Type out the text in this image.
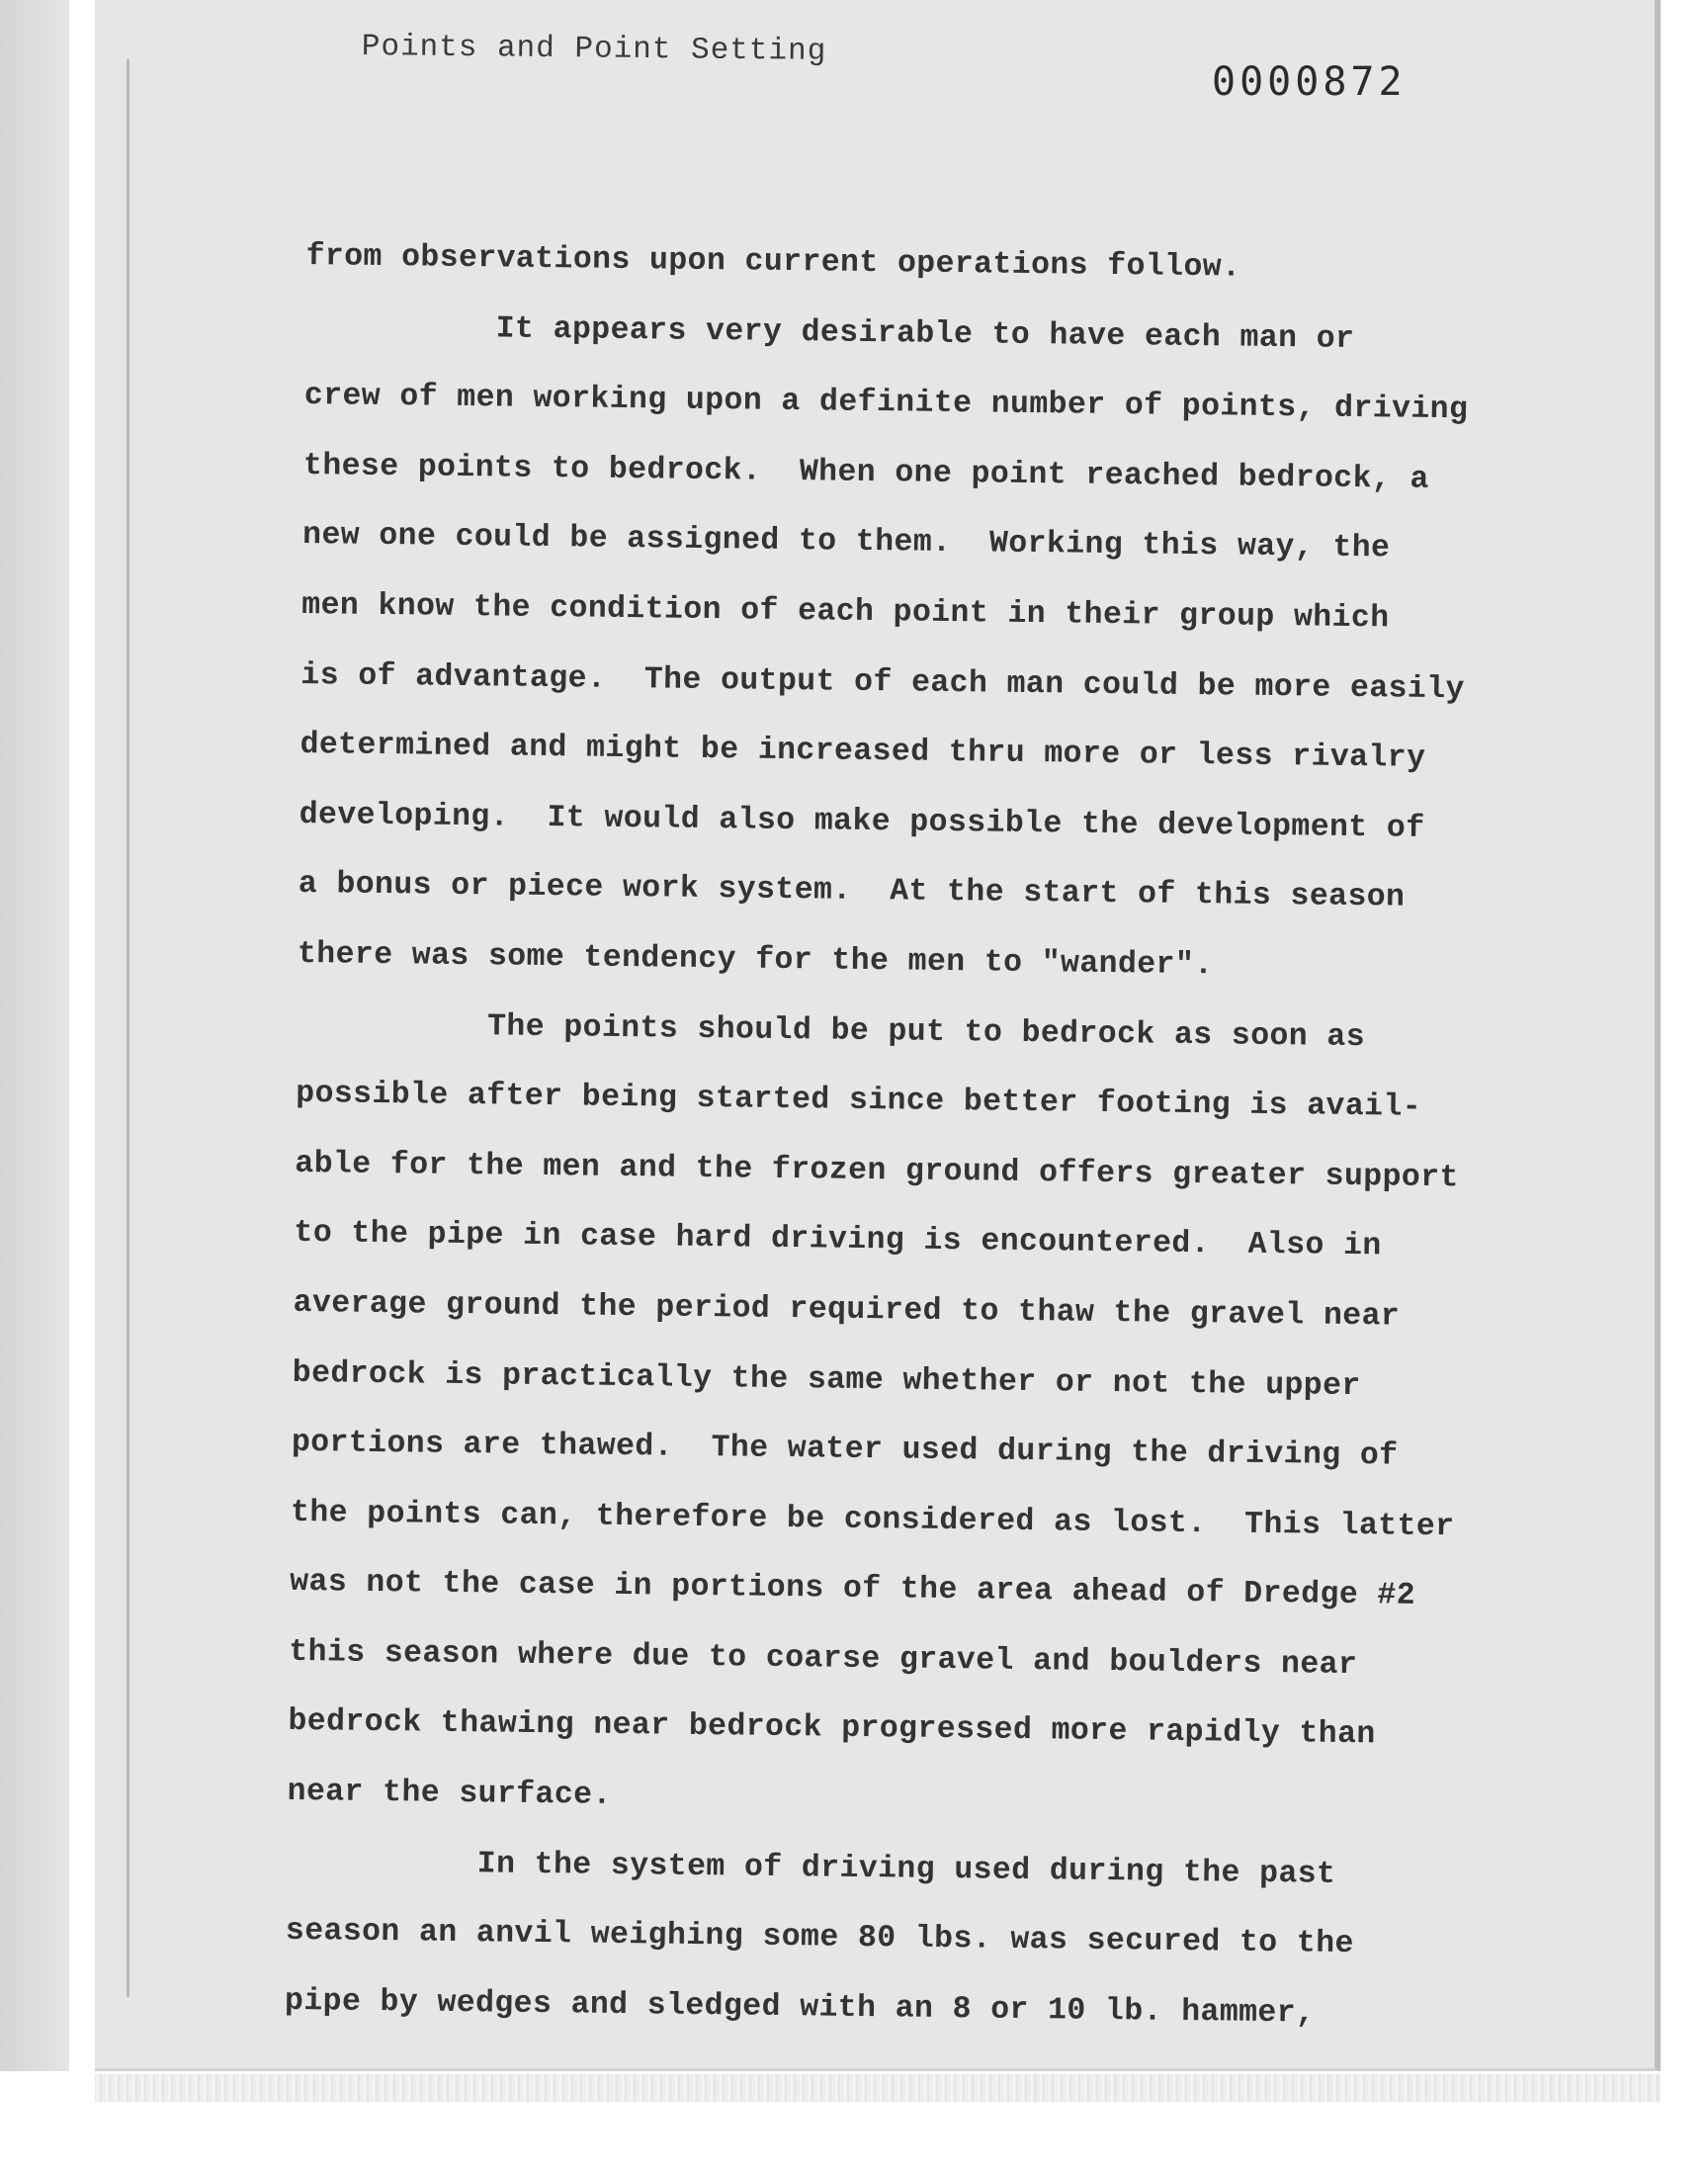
Points and Point Setting
0000872
from observations upon current operations follow.
It appears very desirable to have each man or
crew of men working upon a definite number of points, driving
these points to bedrock.  When one point reached bedrock, a
new one could be assigned to them.  Working this way, the
men know the condition of each point in their group which
is of advantage.  The output of each man could be more easily
determined and might be increased thru more or less rivalry
developing.  It would also make possible the development of
a bonus or piece work system.  At the start of this season
there was some tendency for the men to "wander".
The points should be put to bedrock as soon as
possible after being started since better footing is avail-
able for the men and the frozen ground offers greater support
to the pipe in case hard driving is encountered.  Also in
average ground the period required to thaw the gravel near
bedrock is practically the same whether or not the upper
portions are thawed.  The water used during the driving of
the points can, therefore be considered as lost.  This latter
was not the case in portions of the area ahead of Dredge #2
this season where due to coarse gravel and boulders near
bedrock thawing near bedrock progressed more rapidly than
near the surface.
In the system of driving used during the past
season an anvil weighing some 80 lbs. was secured to the
pipe by wedges and sledged with an 8 or 10 lb. hammer,
